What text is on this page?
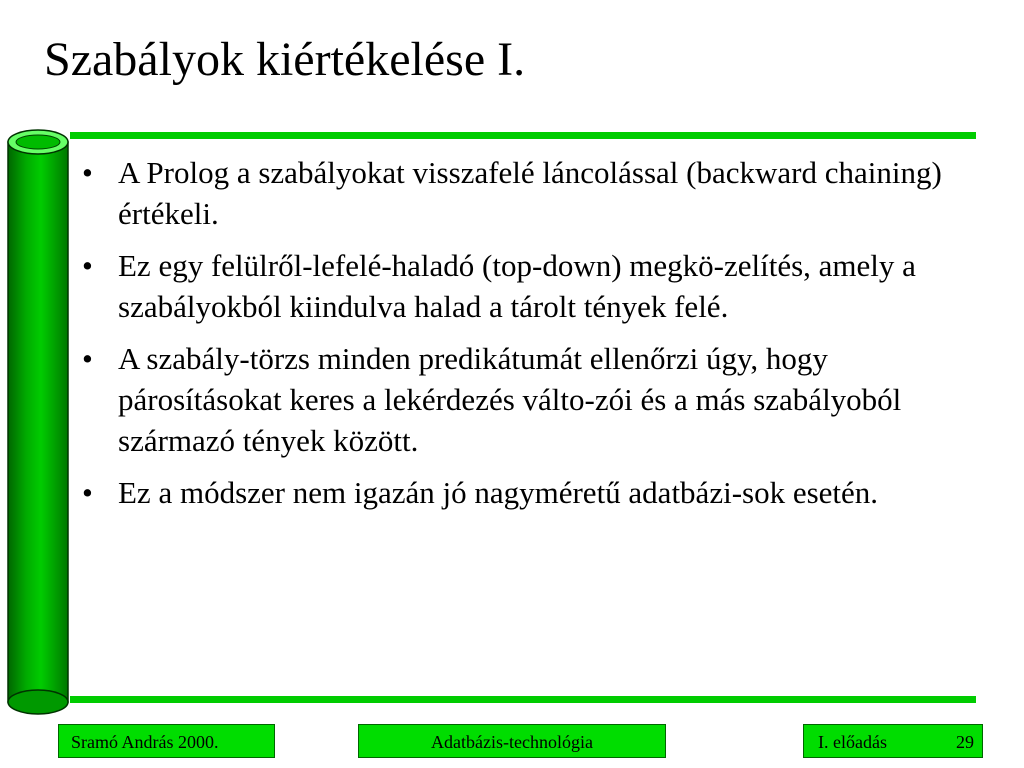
Szabályok kiértékelése I.
• A Prolog a szabályokat visszafelé láncolással (backward chaining) értékeli.
• Ez egy felülről-lefelé-haladó (top-down) megkö-zelítés, amely a szabályokból kiindulva halad a tárolt tények felé.
• A szabály-törzs minden predikátumát ellenőrzi úgy, hogy párosításokat keres a lekérdezés válto-zói és a más szabályoból származó tények között.
• Ez a módszer nem igazán jó nagyméretű adatbázi-sok esetén.
Sramó András 2000.	Adatbázis-technológia	I. előadás	29
